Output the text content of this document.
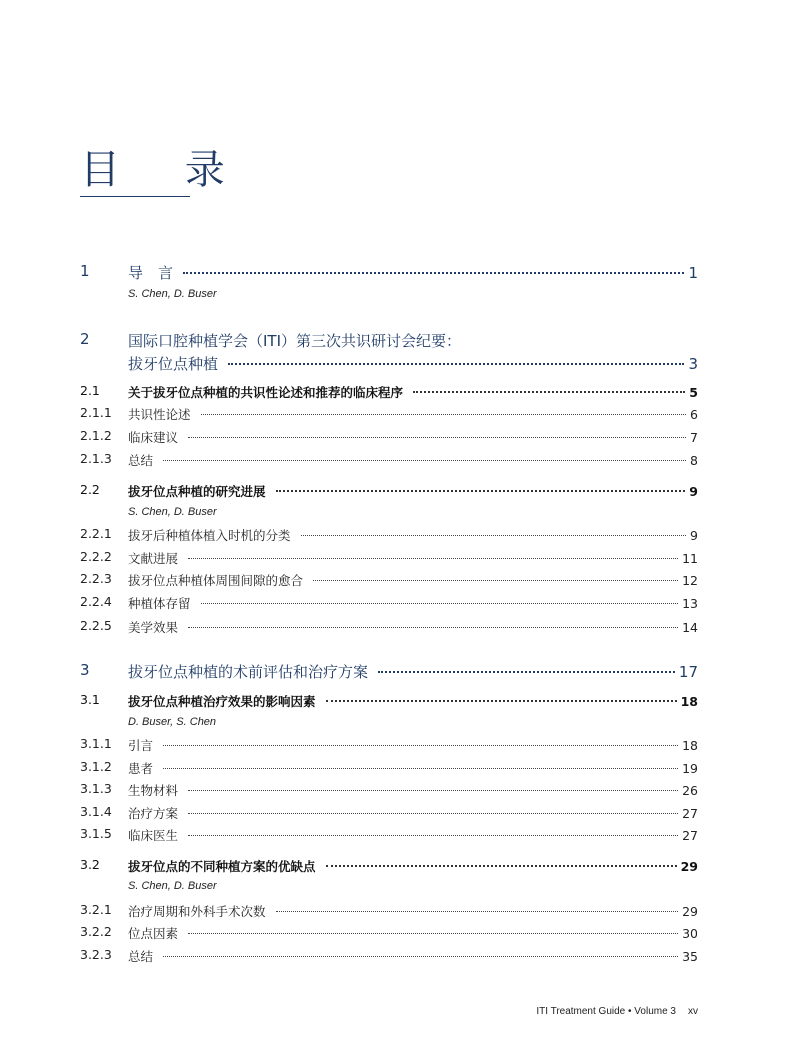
目 录
1	导　言	1
S. Chen, D. Buser
2	国际口腔种植学会（ITI）第三次共识研讨会纪要：
拔牙位点种植	3
2.1 关于拔牙位点种植的共识性论述和推荐的临床程序	5
2.1.1 共识性论述	6
2.1.2 临床建议	7
2.1.3 总结	8
2.2 拔牙位点种植的研究进展	9
S. Chen, D. Buser
2.2.1 拔牙后种植体植入时机的分类	9
2.2.2 文献进展	11
2.2.3 拔牙位点种植体周围间隙的愈合	12
2.2.4 种植体存留	13
2.2.5 美学效果	14
3	拔牙位点种植的术前评估和治疗方案	17
3.1 拔牙位点种植治疗效果的影响因素	18
D. Buser, S. Chen
3.1.1 引言	18
3.1.2 患者	19
3.1.3 生物材料	26
3.1.4 治疗方案	27
3.1.5 临床医生	27
3.2 拔牙位点的不同种植方案的优缺点	29
S. Chen, D. Buser
3.2.1 治疗周期和外科手术次数	29
3.2.2 位点因素	30
3.2.3 总结	35
ITI Treatment Guide • Volume 3 xv
